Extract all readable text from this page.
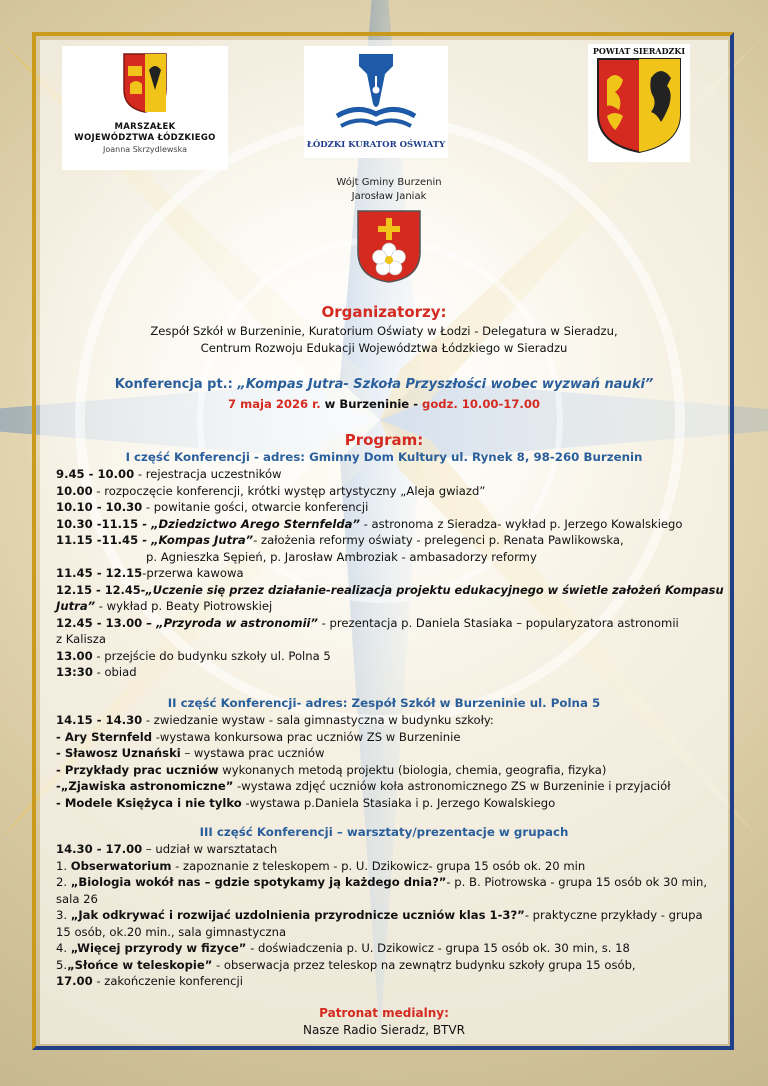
MARSZAŁEK
WOJEWÓDZTWA ŁÓDZKIEGO
Joanna Skrzydlewska	ŁÓDZKI KURATOR OŚWIATY
POWIAT SIERADZKI
Wójt Gminy Burzenin
Jarosław Janiak
Organizatorzy:
Zespół Szkół w Burzeninie, Kuratorium Oświaty w Łodzi - Delegatura w Sieradzu,
Centrum Rozwoju Edukacji Województwa Łódzkiego w Sieradzu
Konferencja pt.: „Kompas Jutra- Szkoła Przyszłości wobec wyzwań nauki”
7 maja 2026 r. w Burzeninie - godz. 10.00-17.00
Program:
I część Konferencji - adres: Gminny Dom Kultury ul. Rynek 8, 98-260 Burzenin
9.45 - 10.00 - rejestracja uczestników
10.00 - rozpoczęcie konferencji, krótki występ artystyczny „Aleja gwiazd”
10.10 - 10.30 - powitanie gości, otwarcie konferencji
10.30 -11.15 - „Dziedzictwo Arego Sternfelda” - astronoma z Sieradza- wykład p. Jerzego Kowalskiego
11.15 -11.45 - „Kompas Jutra”- założenia reformy oświaty - prelegenci p. Renata Pawlikowska,
p. Agnieszka Sępień, p. Jarosław Ambroziak - ambasadorzy reformy
11.45 - 12.15-przerwa kawowa
12.15 - 12.45-„Uczenie się przez działanie-realizacja projektu edukacyjnego w świetle założeń Kompasu
Jutra” - wykład p. Beaty Piotrowskiej
12.45 - 13.00 – „Przyroda w astronomii” - prezentacja p. Daniela Stasiaka – popularyzatora astronomii
z Kalisza
13.00 - przejście do budynku szkoły ul. Polna 5
13:30 - obiad
II część Konferencji- adres: Zespół Szkół w Burzeninie ul. Polna 5
14.15 - 14.30 - zwiedzanie wystaw - sala gimnastyczna w budynku szkoły:
- Ary Sternfeld -wystawa konkursowa prac uczniów ZS w Burzeninie
- Sławosz Uznański – wystawa prac uczniów
- Przykłady prac uczniów wykonanych metodą projektu (biologia, chemia, geografia, fizyka)
-„Zjawiska astronomiczne” -wystawa zdjęć uczniów koła astronomicznego ZS w Burzeninie i przyjaciół
- Modele Księżyca i nie tylko -wystawa p.Daniela Stasiaka i p. Jerzego Kowalskiego
III część Konferencji – warsztaty/prezentacje w grupach
14.30 - 17.00 – udział w warsztatach
1. Obserwatorium - zapoznanie z teleskopem - p. U. Dzikowicz- grupa 15 osób ok. 20 min
2. „Biologia wokół nas – gdzie spotykamy ją każdego dnia?”- p. B. Piotrowska - grupa 15 osób ok 30 min,
sala 26
3. „Jak odkrywać i rozwijać uzdolnienia przyrodnicze uczniów klas 1-3?”- praktyczne przykłady - grupa
15 osób, ok.20 min., sala gimnastyczna
4. „Więcej przyrody w fizyce” - doświadczenia p. U. Dzikowicz - grupa 15 osób ok. 30 min, s. 18
5.„Słońce w teleskopie” - obserwacja przez teleskop na zewnątrz budynku szkoły grupa 15 osób,
17.00 - zakończenie konferencji
Patronat medialny:
Nasze Radio Sieradz, BTVR
